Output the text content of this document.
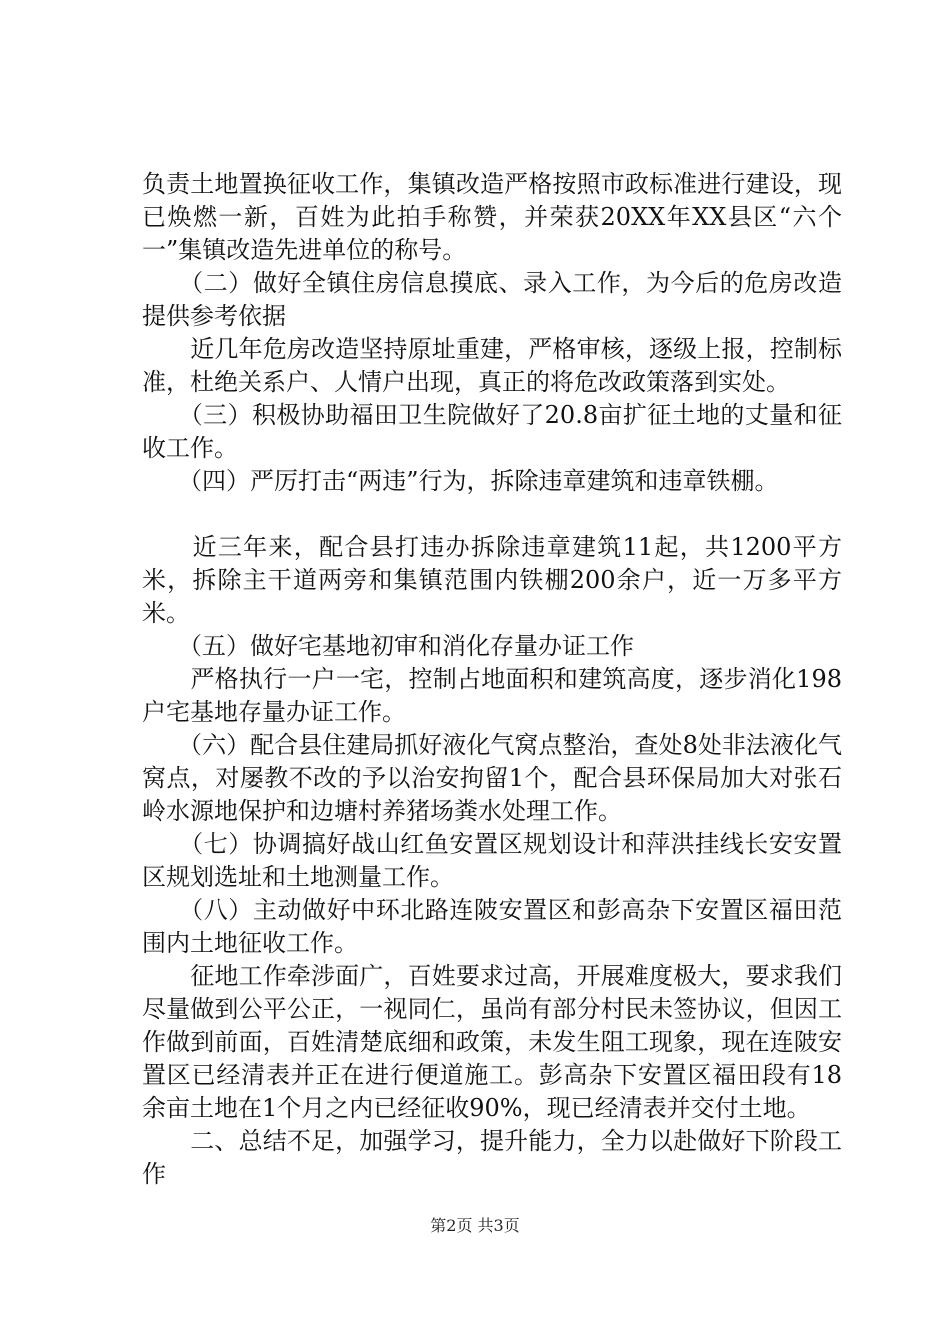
负责土地置换征收工作，集镇改造严格按照市政标准进行建设，现已焕燃一新，百姓为此拍手称赞，并荣获20XX年XX县区“六个一”集镇改造先进单位的称号。

　　（二）做好全镇住房信息摸底、录入工作，为今后的危房改造提供参考依据

　　近几年危房改造坚持原址重建，严格审核，逐级上报，控制标准，杜绝关系户、人情户出现，真正的将危改政策落到实处。

　　（三）积极协助福田卫生院做好了20.8亩扩征土地的丈量和征收工作。

　　（四）严厉打击“两违”行为，拆除违章建筑和违章铁棚。

　　近三年来，配合县打违办拆除违章建筑11起，共1200平方米，拆除主干道两旁和集镇范围内铁棚200余户，近一万多平方米。

　　（五）做好宅基地初审和消化存量办证工作

　　严格执行一户一宅，控制占地面积和建筑高度，逐步消化198户宅基地存量办证工作。

　　（六）配合县住建局抓好液化气窝点整治，查处8处非法液化气窝点，对屡教不改的予以治安拘留1个，配合县环保局加大对张石岭水源地保护和边塘村养猪场粪水处理工作。

　　（七）协调搞好战山红鱼安置区规划设计和萍洪挂线长安安置区规划选址和土地测量工作。

　　（八）主动做好中环北路连陂安置区和彭高杂下安置区福田范围内土地征收工作。

　　征地工作牵涉面广，百姓要求过高，开展难度极大，要求我们尽量做到公平公正，一视同仁，虽尚有部分村民未签协议，但因工作做到前面，百姓清楚底细和政策，未发生阻工现象，现在连陂安置区已经清表并正在进行便道施工。彭高杂下安置区福田段有18余亩土地在1个月之内已经征收90%，现已经清表并交付土地。

　　二、总结不足，加强学习，提升能力，全力以赴做好下阶段工作

第2页 共3页
